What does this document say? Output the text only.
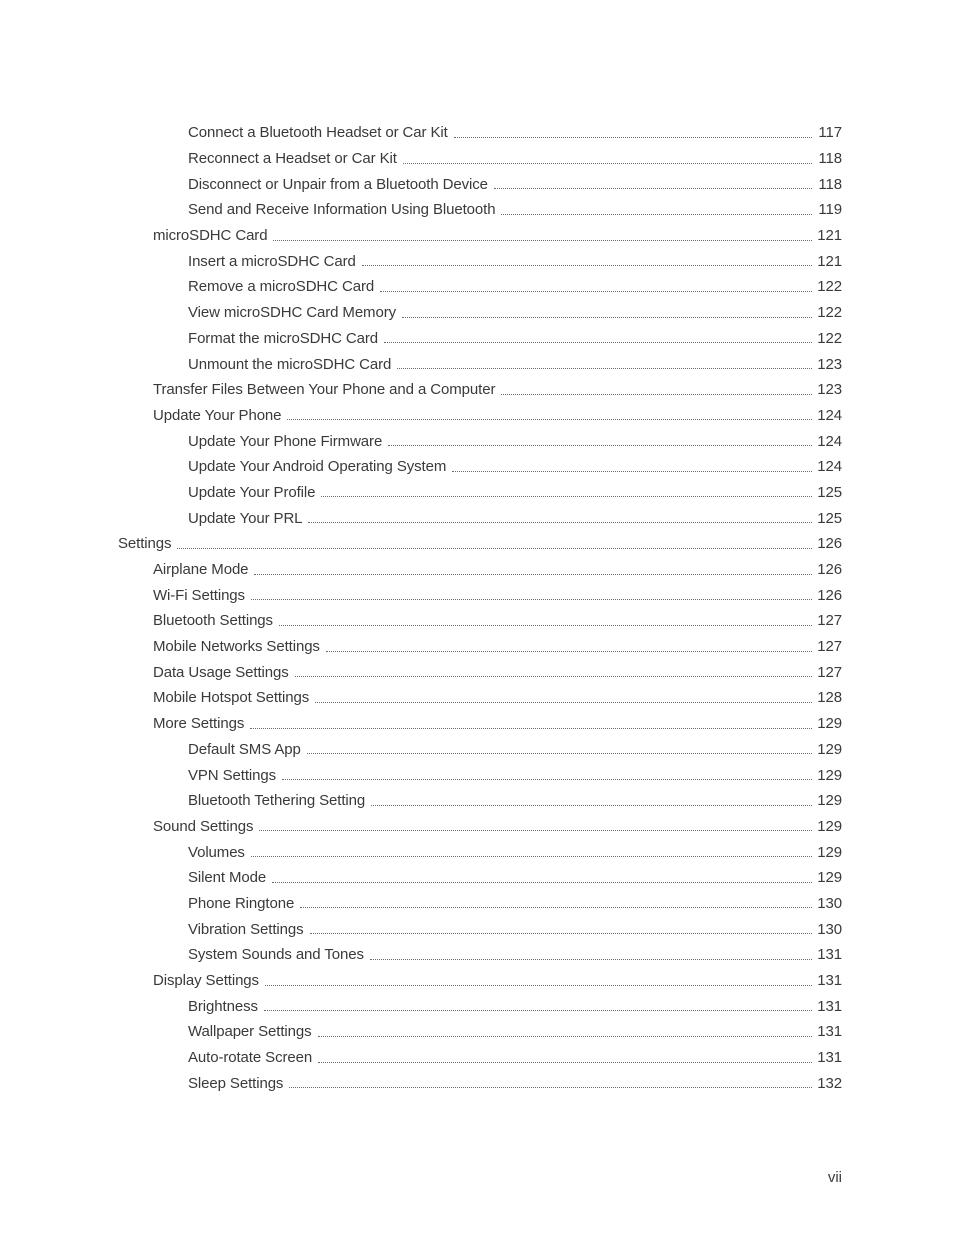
Connect a Bluetooth Headset or Car Kit	117
Reconnect a Headset or Car Kit	118
Disconnect or Unpair from a Bluetooth Device	118
Send and Receive Information Using Bluetooth	119
microSDHC Card	121
Insert a microSDHC Card	121
Remove a microSDHC Card	122
View microSDHC Card Memory	122
Format the microSDHC Card	122
Unmount the microSDHC Card	123
Transfer Files Between Your Phone and a Computer	123
Update Your Phone	124
Update Your Phone Firmware	124
Update Your Android Operating System	124
Update Your Profile	125
Update Your PRL	125
Settings	126
Airplane Mode	126
Wi-Fi Settings	126
Bluetooth Settings	127
Mobile Networks Settings	127
Data Usage Settings	127
Mobile Hotspot Settings	128
More Settings	129
Default SMS App	129
VPN Settings	129
Bluetooth Tethering Setting	129
Sound Settings	129
Volumes	129
Silent Mode	129
Phone Ringtone	130
Vibration Settings	130
System Sounds and Tones	131
Display Settings	131
Brightness	131
Wallpaper Settings	131
Auto-rotate Screen	131
Sleep Settings	132
vii
